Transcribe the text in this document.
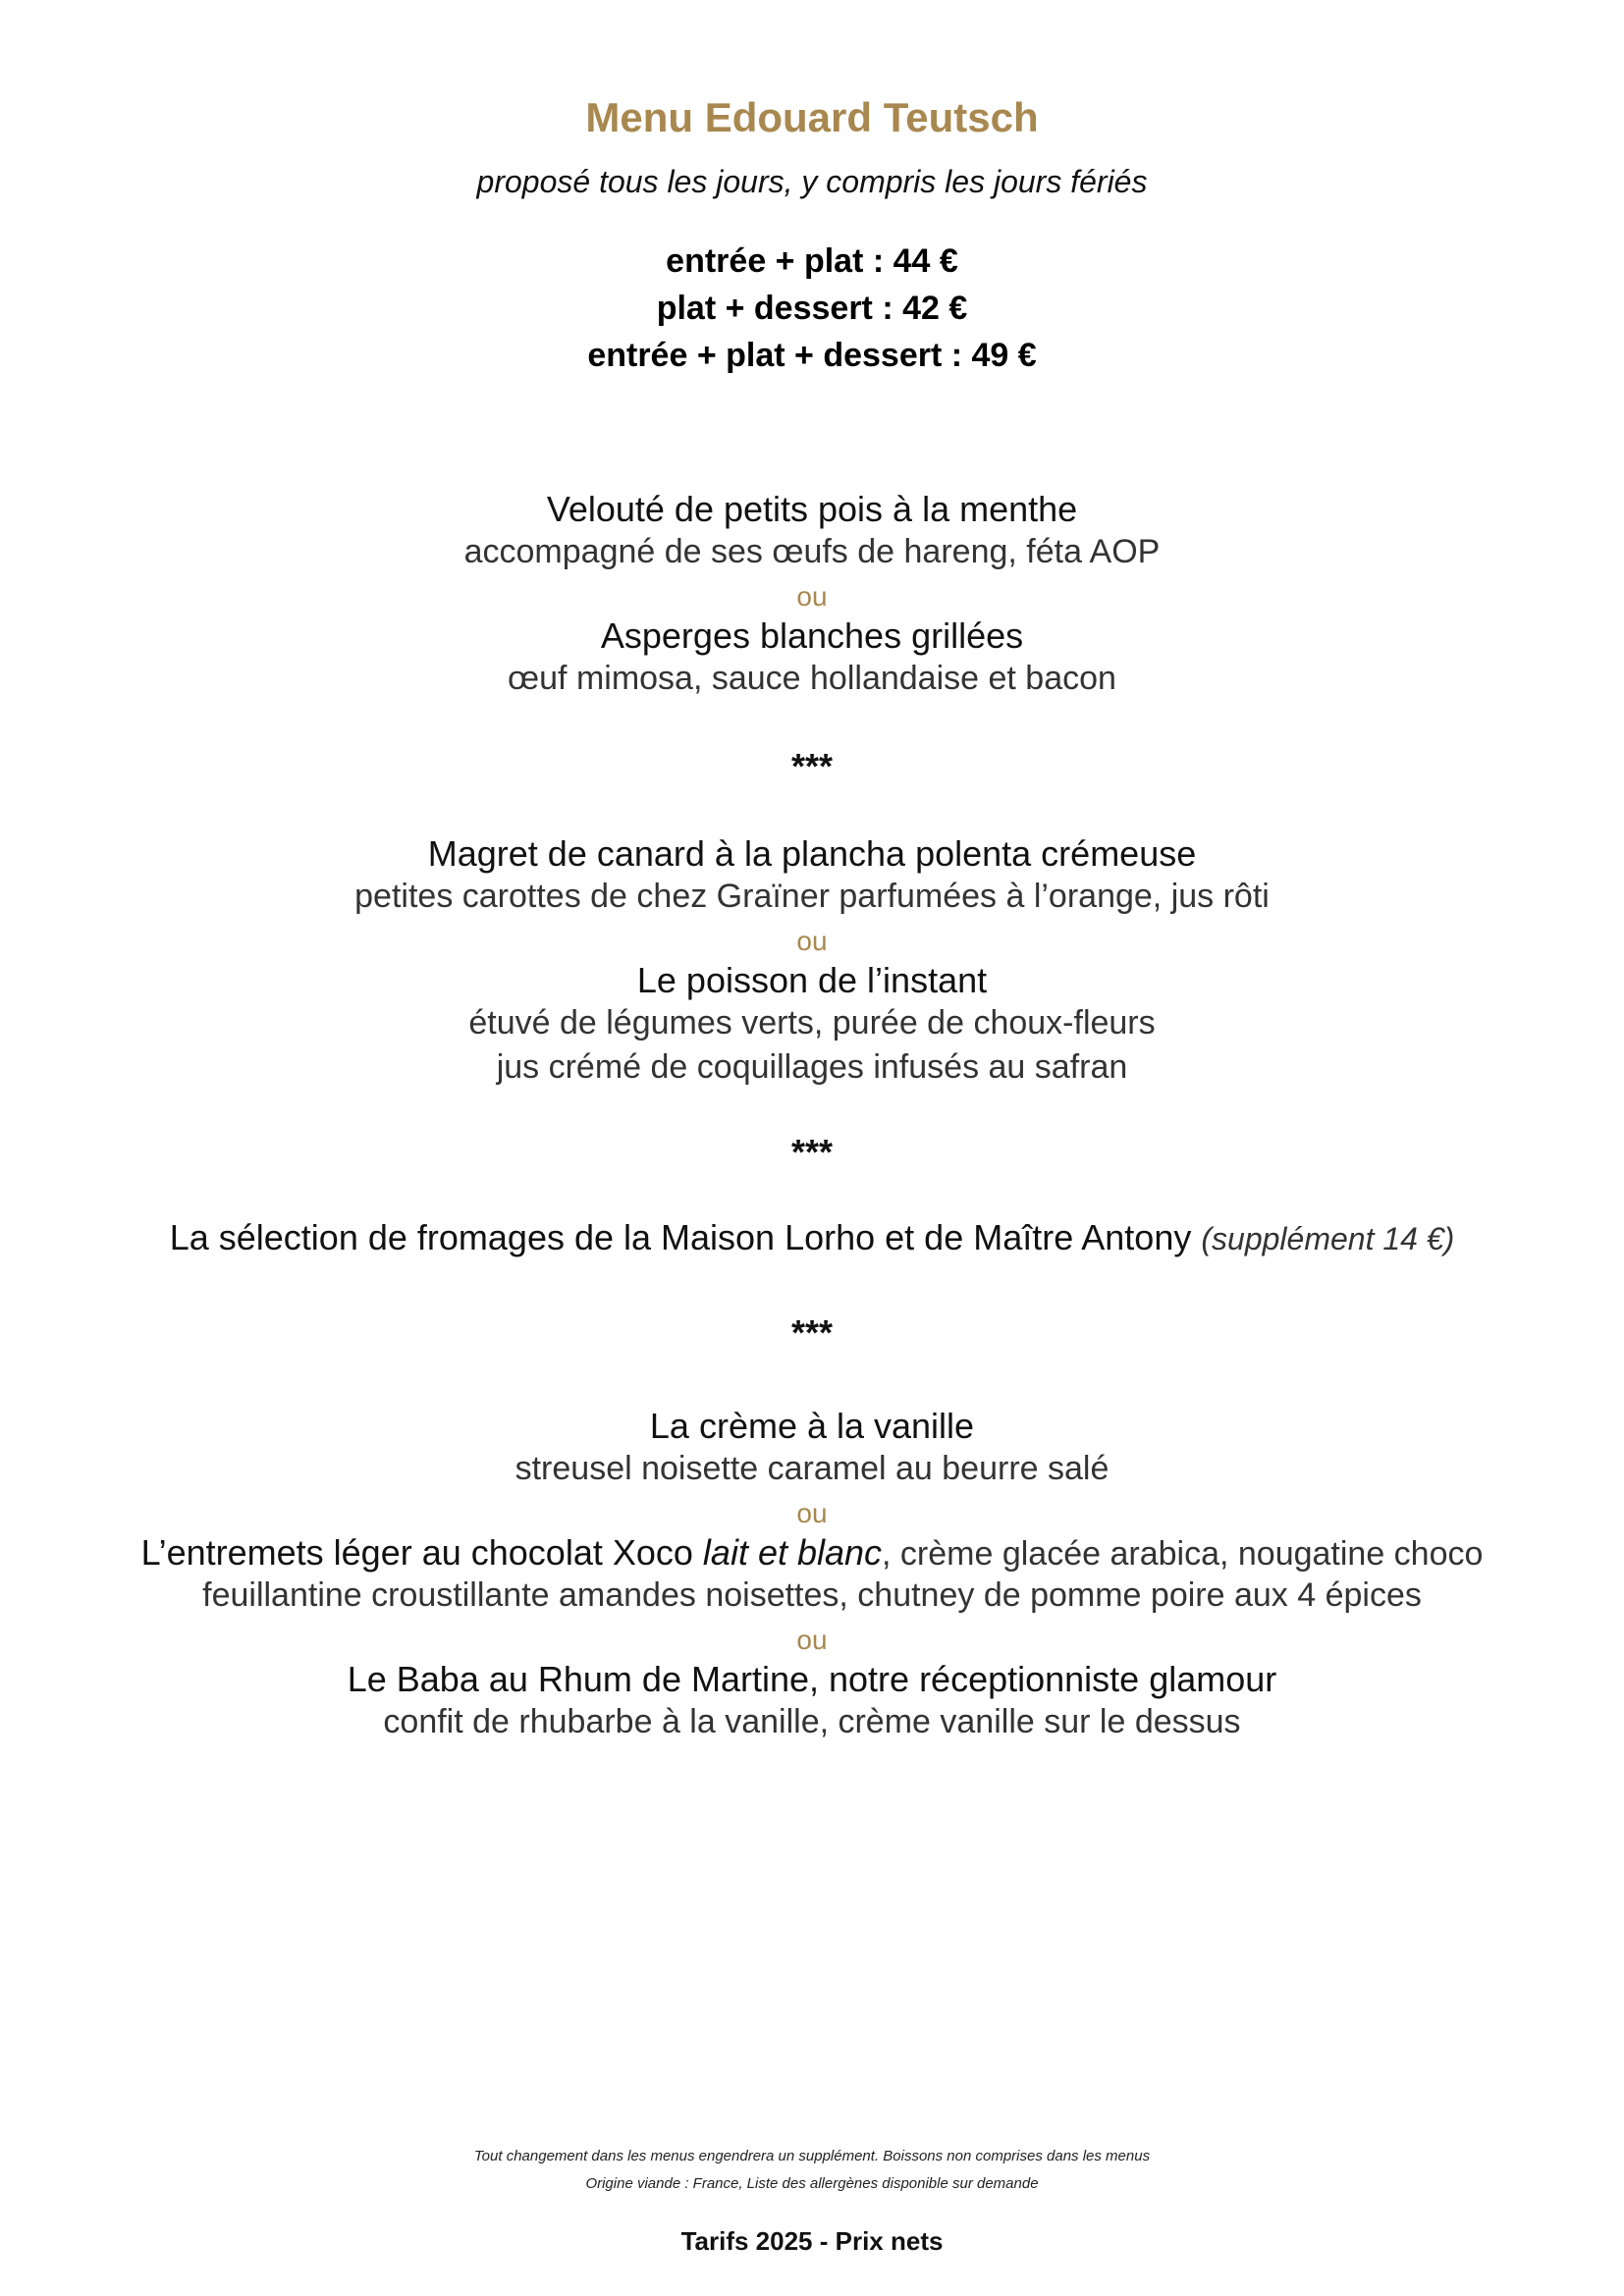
Menu Edouard Teutsch
proposé tous les jours, y compris les jours fériés
entrée + plat : 44 €
plat + dessert : 42 €
entrée + plat + dessert : 49 €
Velouté de petits pois à la menthe
accompagné de ses œufs de hareng, féta AOP
ou
Asperges blanches grillées
œuf mimosa, sauce hollandaise et bacon
***
Magret de canard à la plancha polenta crémeuse
petites carottes de chez Graïner parfumées à l’orange, jus rôti
ou
Le poisson de l’instant
étuvé de légumes verts, purée de choux-fleurs
jus crémé de coquillages infusés au safran
***
La sélection de fromages de la Maison Lorho et de Maître Antony (supplément 14 €)
***
La crème à la vanille
streusel noisette caramel au beurre salé
ou
L’entremets léger au chocolat Xoco lait et blanc, crème glacée arabica, nougatine choco
feuillantine croustillante amandes noisettes, chutney de pomme poire aux 4 épices
ou
Le Baba au Rhum de Martine, notre réceptionniste glamour
confit de rhubarbe à la vanille, crème vanille sur le dessus
Tout changement dans les menus engendrera un supplément. Boissons non comprises dans les menus
Origine viande : France, Liste des allergènes disponible sur demande
Tarifs 2025 - Prix nets
